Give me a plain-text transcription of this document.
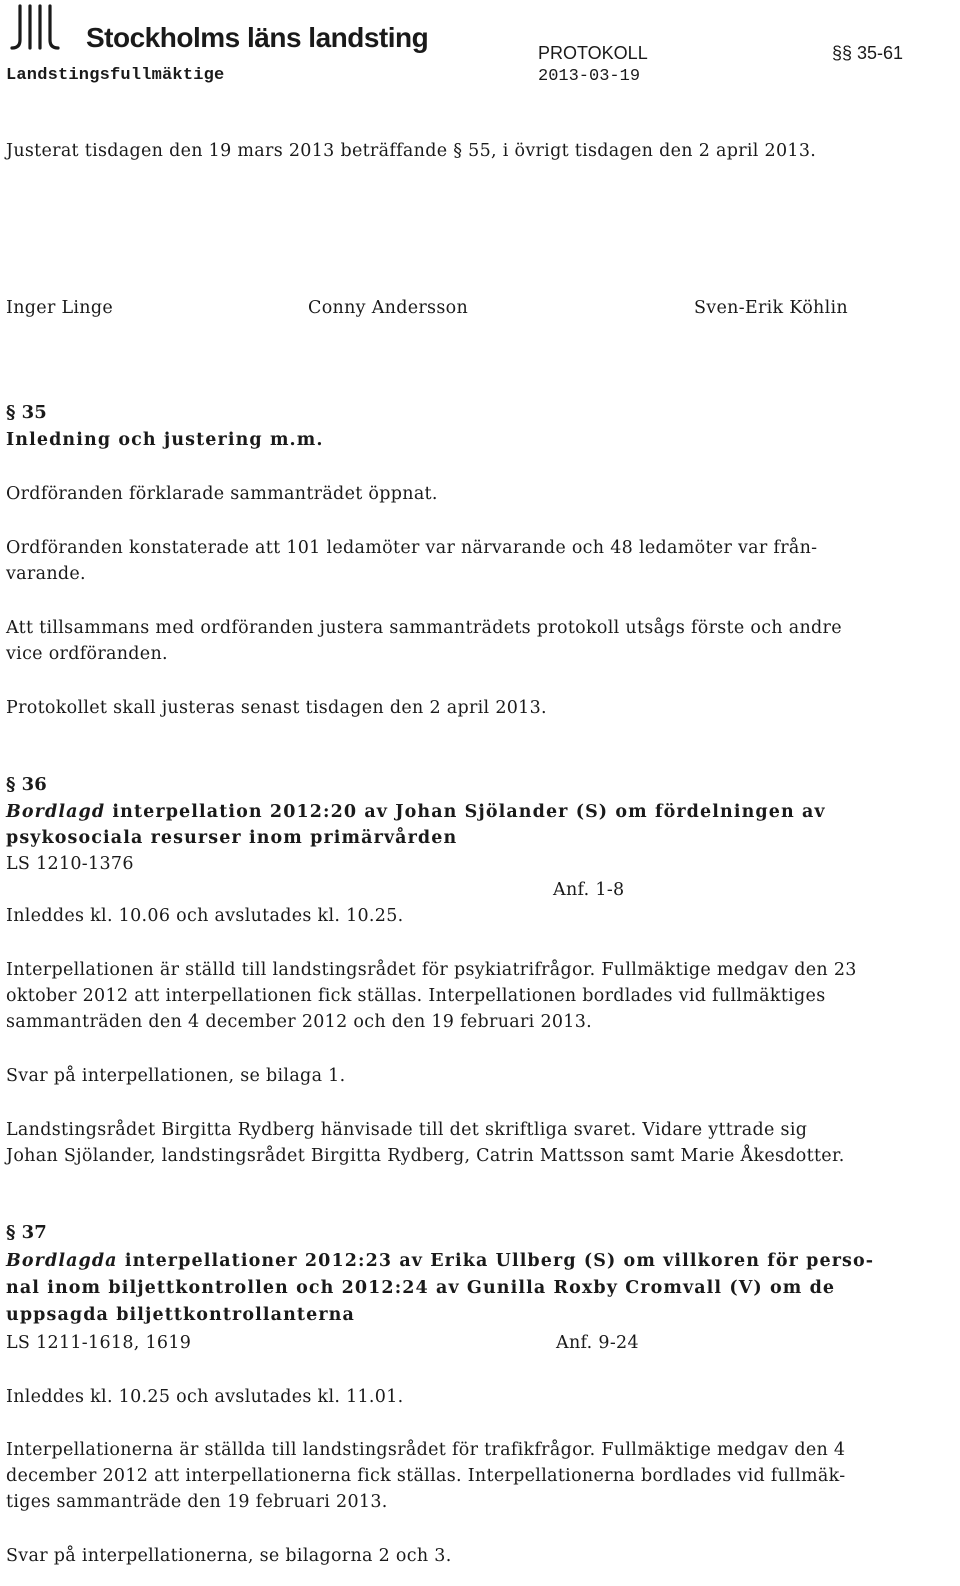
Stockholms läns landsting
Landstingsfullmäktige
PROTOKOLL
2013-03-19
§§ 35-61
Justerat tisdagen den 19 mars 2013 beträffande § 55, i övrigt tisdagen den 2 april 2013.
Inger Linge	Conny Andersson	Sven-Erik Köhlin
§ 35
Inledning och justering m.m.
Ordföranden förklarade sammanträdet öppnat.
Ordföranden konstaterade att 101 ledamöter var närvarande och 48 ledamöter var från-
varande.
Att tillsammans med ordföranden justera sammanträdets protokoll utsågs förste och andre
vice ordföranden.
Protokollet skall justeras senast tisdagen den 2 april 2013.
§ 36
Bordlagd interpellation 2012:20 av Johan Sjölander (S) om fördelningen av
psykosociala resurser inom primärvården
LS 1210-1376
Anf. 1-8
Inleddes kl. 10.06 och avslutades kl. 10.25.
Interpellationen är ställd till landstingsrådet för psykiatrifrågor. Fullmäktige medgav den 23
oktober 2012 att interpellationen fick ställas. Interpellationen bordlades vid fullmäktiges
sammanträden den 4 december 2012 och den 19 februari 2013.
Svar på interpellationen, se bilaga 1.
Landstingsrådet Birgitta Rydberg hänvisade till det skriftliga svaret. Vidare yttrade sig
Johan Sjölander, landstingsrådet Birgitta Rydberg, Catrin Mattsson samt Marie Åkesdotter.
§ 37
Bordlagda interpellationer 2012:23 av Erika Ullberg (S) om villkoren för perso-
nal inom biljettkontrollen och 2012:24 av Gunilla Roxby Cromvall (V) om de
uppsagda biljettkontrollanterna
LS 1211-1618, 1619	Anf. 9-24
Inleddes kl. 10.25 och avslutades kl. 11.01.
Interpellationerna är ställda till landstingsrådet för trafikfrågor. Fullmäktige medgav den 4
december 2012 att interpellationerna fick ställas. Interpellationerna bordlades vid fullmäk-
tiges sammanträde den 19 februari 2013.
Svar på interpellationerna, se bilagorna 2 och 3.
